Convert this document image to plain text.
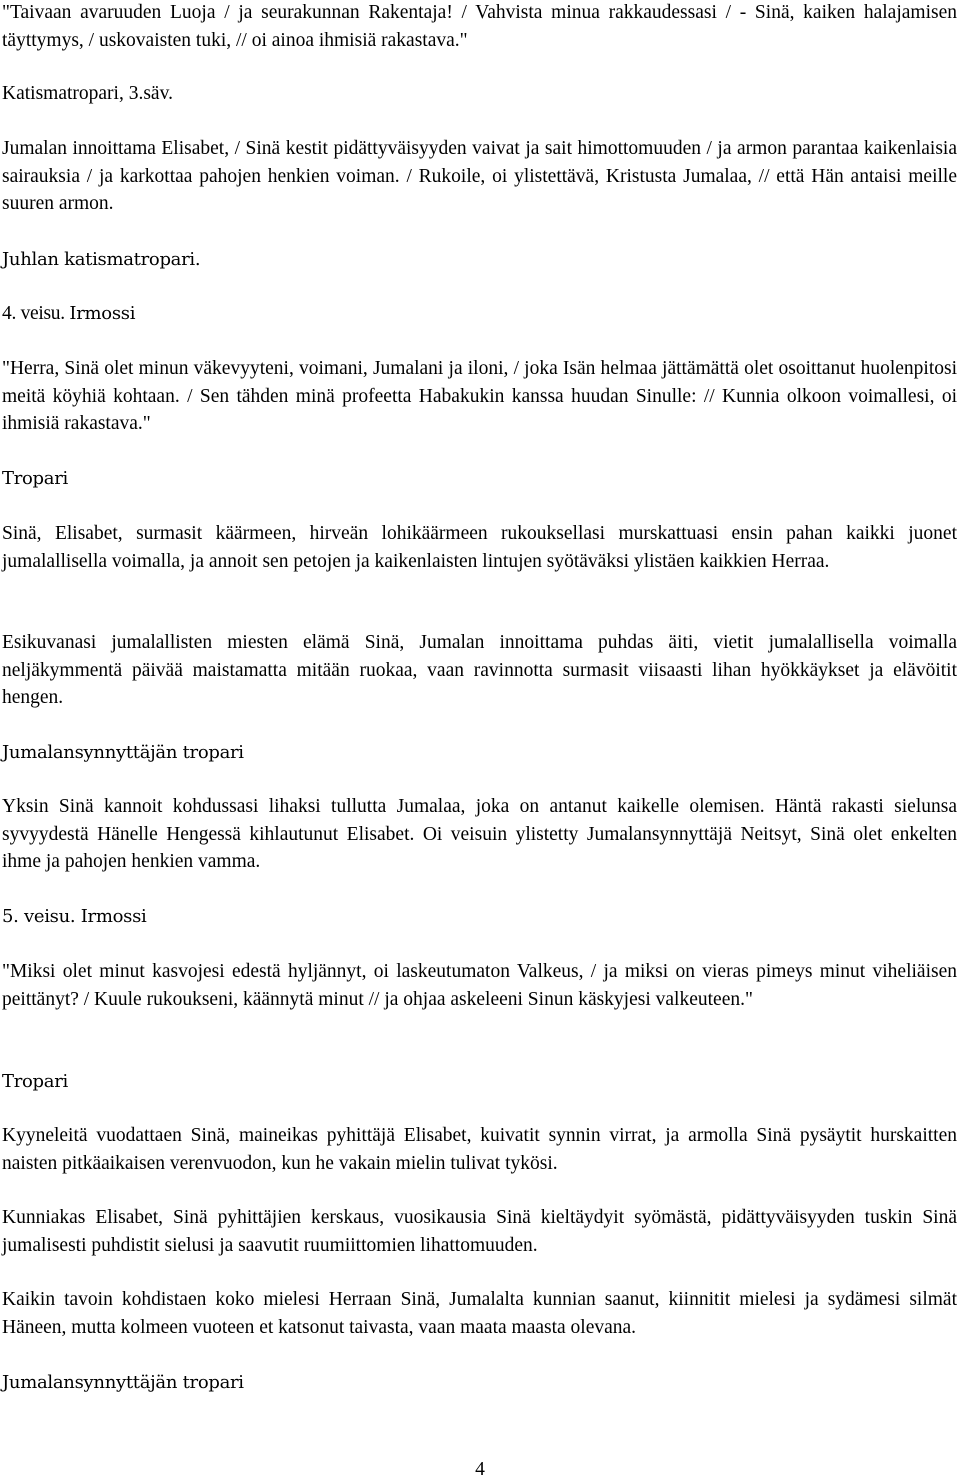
"Taivaan avaruuden Luoja / ja seurakunnan Rakentaja! / Vahvista minua rakkaudessasi / - Sinä, kaiken halajamisen täyttymys, / uskovaisten tuki, // oi ainoa ihmisiä rakastava."

Katismatropari, 3.säv.

Jumalan innoittama Elisabet, / Sinä kestit pidättyväisyyden vaivat ja sait himottomuuden / ja armon parantaa kaikenlaisia sairauksia / ja karkottaa pahojen henkien voiman. / Rukoile, oi ylistettävä, Kristusta Jumalaa, // että Hän antaisi meille suuren armon.

Juhlan katismatropari.

4. veisu. Irmossi

"Herra, Sinä olet minun väkevyyteni, voimani, Jumalani ja iloni, / joka Isän helmaa jättämättä olet osoittanut huolenpitosi meitä köyhiä kohtaan. / Sen tähden minä profeetta Habakukin kanssa huudan Sinulle: // Kunnia olkoon voimallesi, oi ihmisiä rakastava."

Tropari

Sinä, Elisabet, surmasit käärmeen, hirveän lohikäärmeen rukouksellasi murskattuasi ensin pahan kaikki juonet jumalallisella voimalla, ja annoit sen petojen ja kaikenlaisten lintujen syötäväksi ylistäen kaikkien Herraa.

Esikuvanasi jumalallisten miesten elämä Sinä, Jumalan innoittama puhdas äiti, vietit jumalallisella voimalla neljäkymmentä päivää maistamatta mitään ruokaa, vaan ravinnotta surmasit viisaasti lihan hyökkäykset ja elävöitit hengen.

Jumalansynnyttäjän tropari

Yksin Sinä kannoit kohdussasi lihaksi tullutta Jumalaa, joka on antanut kaikelle olemisen. Häntä rakasti sielunsa syvyydestä Hänelle Hengessä kihlautunut Elisabet. Oi veisuin ylistetty Jumalansynnyttäjä Neitsyt, Sinä olet enkelten ihme ja pahojen henkien vamma.

5. veisu. Irmossi

"Miksi olet minut kasvojesi edestä hyljännyt, oi laskeutumaton Valkeus, / ja miksi on vieras pimeys minut viheliäisen peittänyt? / Kuule rukoukseni, käännytä minut // ja ohjaa askeleeni Sinun käskyjesi valkeuteen."

Tropari

Kyyneleitä vuodattaen Sinä, maineikas pyhittäjä Elisabet, kuivatit synnin virrat, ja armolla Sinä pysäytit hurskaitten naisten pitkäaikaisen verenvuodon, kun he vakain mielin tulivat tykösi.

Kunniakas Elisabet, Sinä pyhittäjien kerskaus, vuosikausia Sinä kieltäydyit syömästä, pidättyväisyyden tuskin Sinä jumalisesti puhdistit sielusi ja saavutit ruumiittomien lihattomuuden.

Kaikin tavoin kohdistaen koko mielesi Herraan Sinä, Jumalalta kunnian saanut, kiinnitit mielesi ja sydämesi silmät Häneen, mutta kolmeen vuoteen et katsonut taivasta, vaan maata maasta olevana.

Jumalansynnyttäjän tropari

4
